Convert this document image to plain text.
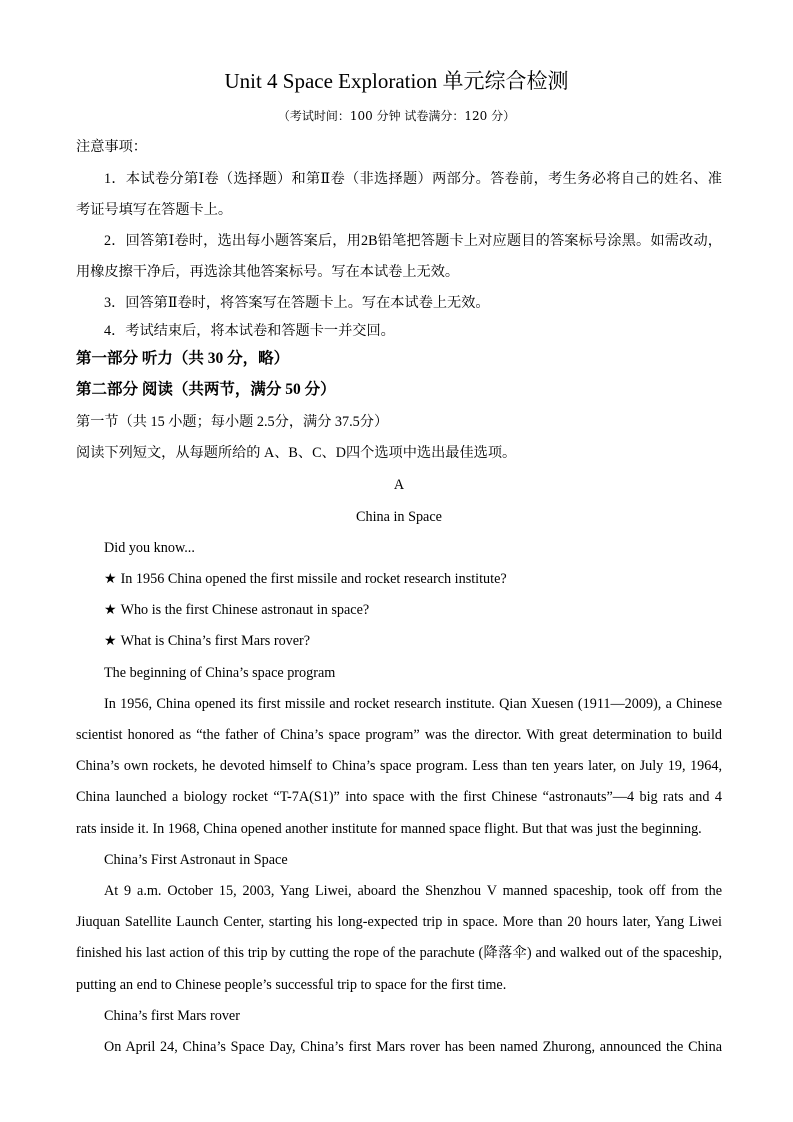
Unit 4 Space Exploration 单元综合检测
（考试时间：100 分钟 试卷满分：120 分）
注意事项：
1．本试卷分第Ⅰ卷（选择题）和第Ⅱ卷（非选择题）两部分。答卷前，考生务必将自己的姓名、准
考证号填写在答题卡上。
2．回答第Ⅰ卷时，选出每小题答案后，用2B铅笔把答题卡上对应题目的答案标号涂黑。如需改动，
用橡皮擦干净后，再选涂其他答案标号。写在本试卷上无效。
3．回答第Ⅱ卷时，将答案写在答题卡上。写在本试卷上无效。
4．考试结束后，将本试卷和答题卡一并交回。
第一部分 听力（共 30 分，略）
第二部分 阅读（共两节，满分 50 分）
第一节（共 15 小题；每小题 2.5分，满分 37.5分）
阅读下列短文，从每题所给的 A、B、C、D四个选项中选出最佳选项。
A
China in Space
Did you know...
★ In 1956 China opened the first missile and rocket research institute?
★ Who is the first Chinese astronaut in space?
★ What is China’s first Mars rover?
The beginning of China’s space program
In 1956, China opened its first missile and rocket research institute. Qian Xuesen (1911—2009), a Chinese
scientist honored as “the father of China’s space program” was the director. With great determination to build
China’s own rockets, he devoted himself to China’s space program. Less than ten years later, on July 19, 1964,
China launched a biology rocket “T-7A(S1)” into space with the first Chinese “astronauts”—4 big rats and 4
rats inside it. In 1968, China opened another institute for manned space flight. But that was just the beginning.
China’s First Astronaut in Space
At 9 a.m. October 15, 2003, Yang Liwei, aboard the Shenzhou V manned spaceship, took off from the
Jiuquan Satellite Launch Center, starting his long-expected trip in space. More than 20 hours later, Yang Liwei
finished his last action of this trip by cutting the rope of the parachute (降落伞) and walked out of the spaceship,
putting an end to Chinese people’s successful trip to space for the first time.
China’s first Mars rover
On April 24, China’s Space Day, China’s first Mars rover has been named Zhurong, announced the China
